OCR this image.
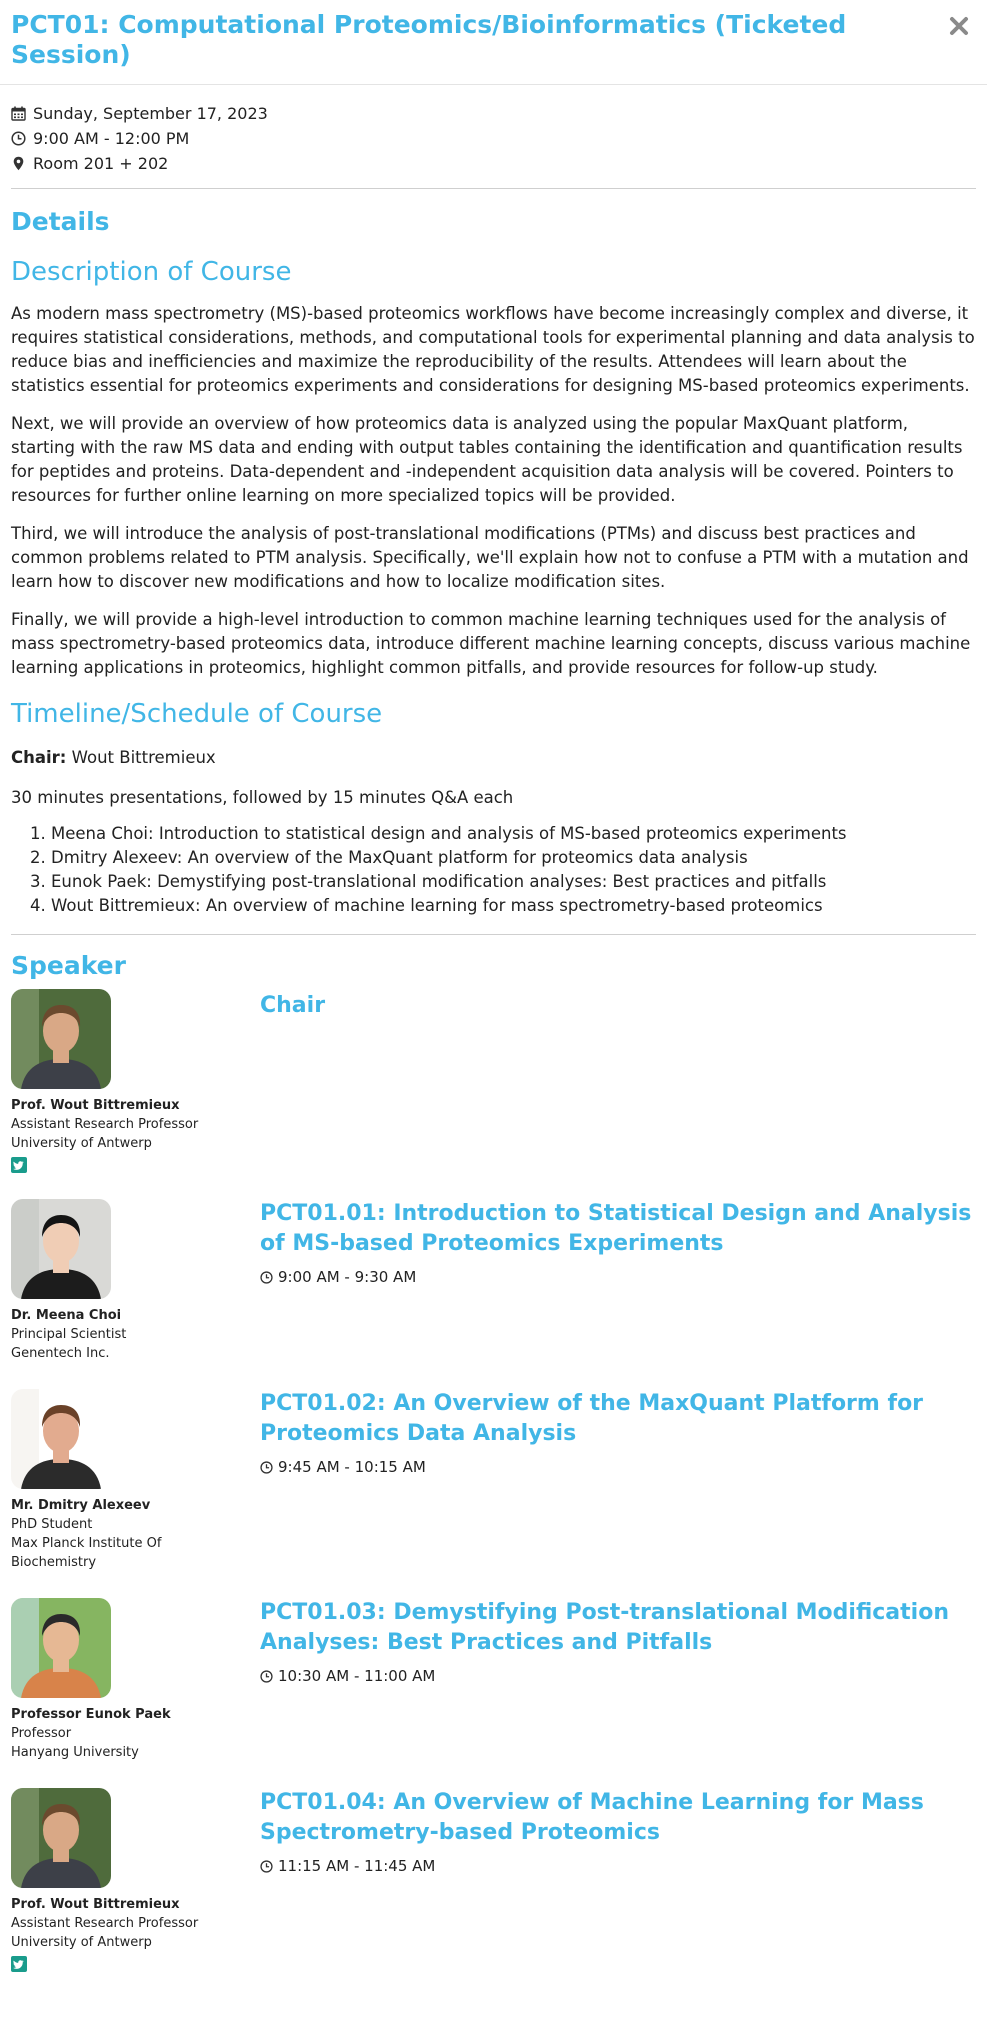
PCT01: Computational Proteomics/Bioinformatics (Ticketed Session)
Sunday, September 17, 2023
9:00 AM - 12:00 PM
Room 201 + 202
Details
Description of Course

As modern mass spectrometry (MS)-based proteomics workflows have become increasingly complex and diverse, it requires statistical considerations, methods, and computational tools for experimental planning and data analysis to reduce bias and inefficiencies and maximize the reproducibility of the results. Attendees will learn about the statistics essential for proteomics experiments and considerations for designing MS-based proteomics experiments.

Next, we will provide an overview of how proteomics data is analyzed using the popular MaxQuant platform, starting with the raw MS data and ending with output tables containing the identification and quantification results for peptides and proteins. Data-dependent and -independent acquisition data analysis will be covered. Pointers to resources for further online learning on more specialized topics will be provided.

Third, we will introduce the analysis of post-translational modifications (PTMs) and discuss best practices and common problems related to PTM analysis. Specifically, we'll explain how not to confuse a PTM with a mutation and learn how to discover new modifications and how to localize modification sites.

Finally, we will provide a high-level introduction to common machine learning techniques used for the analysis of mass spectrometry-based proteomics data, introduce different machine learning concepts, discuss various machine learning applications in proteomics, highlight common pitfalls, and provide resources for follow-up study.

Timeline/Schedule of Course

Chair: Wout Bittremieux

30 minutes presentations, followed by 15 minutes Q&A each

1. Meena Choi: Introduction to statistical design and analysis of MS-based proteomics experiments
2. Dmitry Alexeev: An overview of the MaxQuant platform for proteomics data analysis
3. Eunok Paek: Demystifying post-translational modification analyses: Best practices and pitfalls
4. Wout Bittremieux: An overview of machine learning for mass spectrometry-based proteomics
Speaker
Prof. Wout Bittremieux
Assistant Research Professor
University of Antwerp
Chair
Dr. Meena Choi
Principal Scientist
Genentech Inc.
PCT01.01: Introduction to Statistical Design and Analysis of MS-based Proteomics Experiments
9:00 AM - 9:30 AM
Mr. Dmitry Alexeev
PhD Student
Max Planck Institute Of
Biochemistry
PCT01.02: An Overview of the MaxQuant Platform for Proteomics Data Analysis
9:45 AM - 10:15 AM
Professor Eunok Paek
Professor
Hanyang University
PCT01.03: Demystifying Post-translational Modification Analyses: Best Practices and Pitfalls
10:30 AM - 11:00 AM
Prof. Wout Bittremieux
Assistant Research Professor
University of Antwerp
PCT01.04: An Overview of Machine Learning for Mass Spectrometry-based Proteomics
11:15 AM - 11:45 AM
